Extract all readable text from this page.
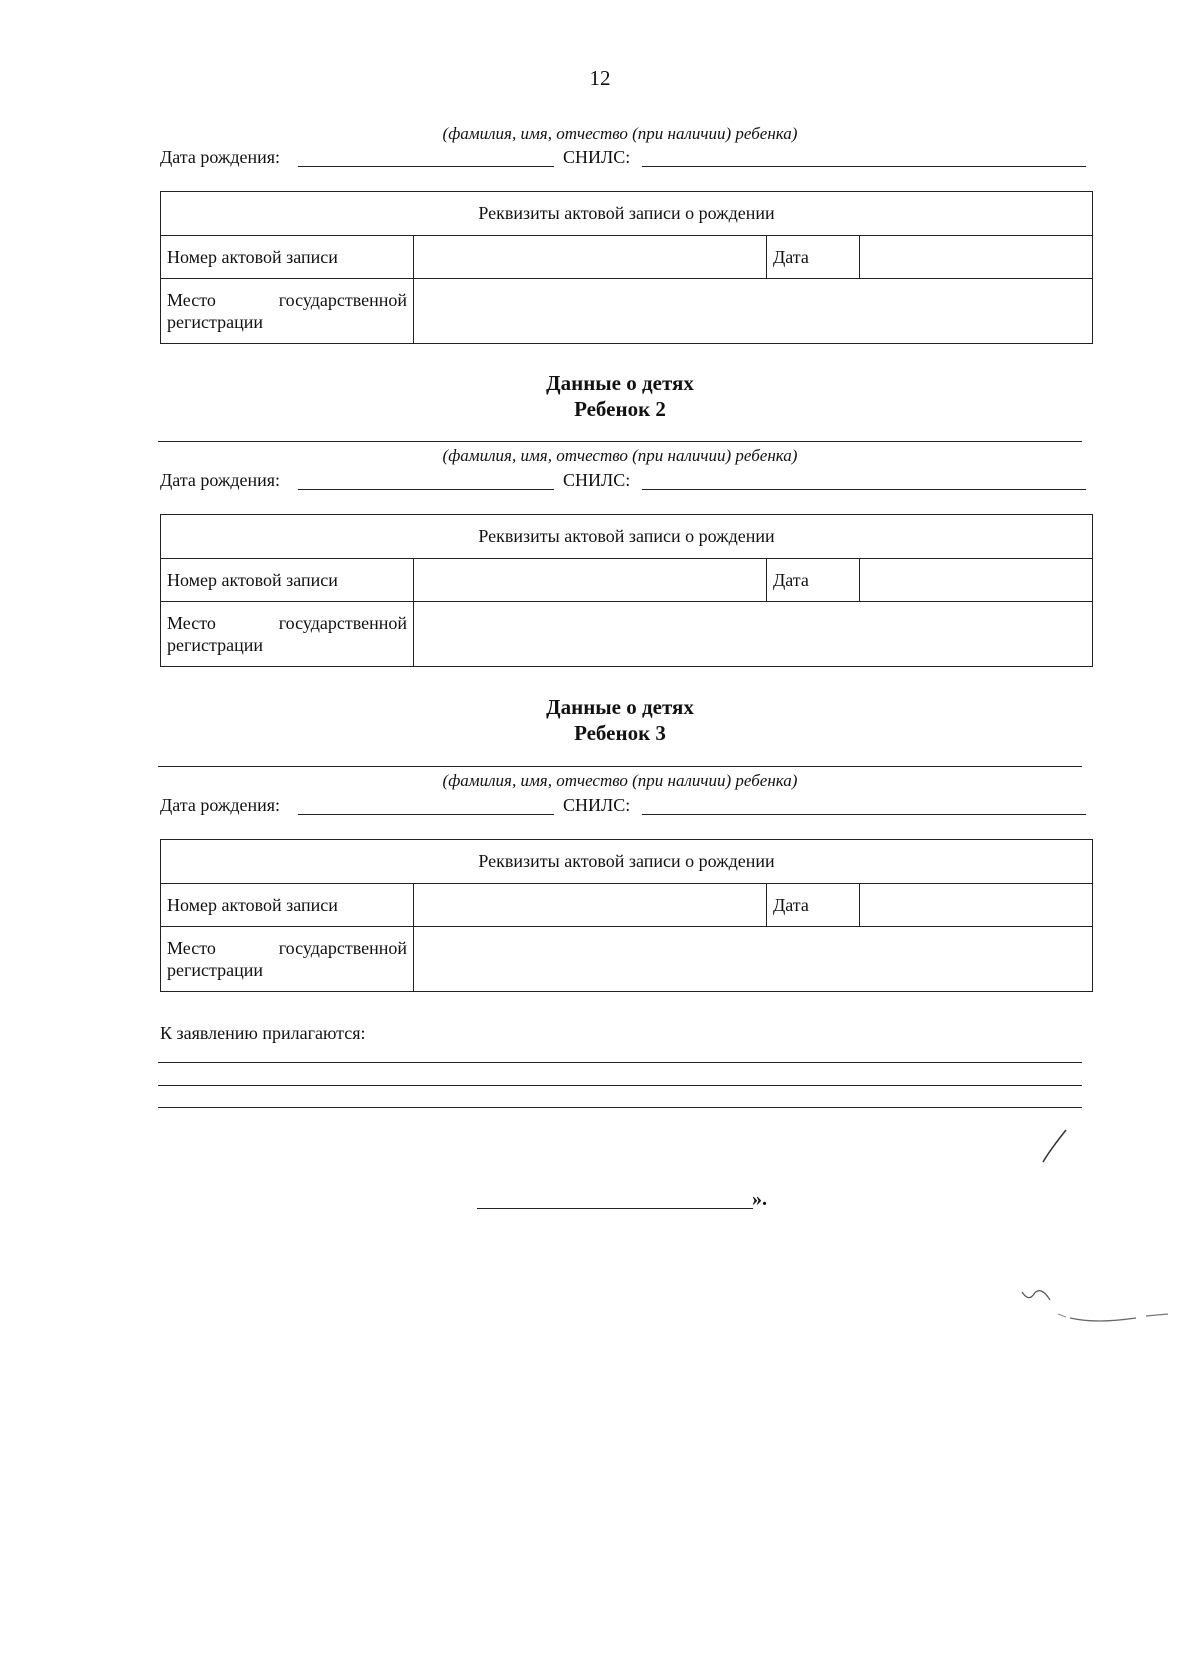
12
(фамилия, имя, отчество (при наличии) ребенка)
Дата рождения:	СНИЛС:
Реквизиты актовой записи о рождении			
Номер актовой записи		Дата	

Место государственной
регистрации			

Данные о детях
Ребенок 2
(фамилия, имя, отчество (при наличии) ребенка)
Дата рождения:	СНИЛС:
Реквизиты актовой записи о рождении			
Номер актовой записи		Дата	

Место государственной
регистрации			

Данные о детях
Ребенок 3
(фамилия, имя, отчество (при наличии) ребенка)
Дата рождения:	СНИЛС:
Реквизиты актовой записи о рождении			
Номер актовой записи		Дата	

Место государственной
регистрации			

К заявлению прилагаются:
».
